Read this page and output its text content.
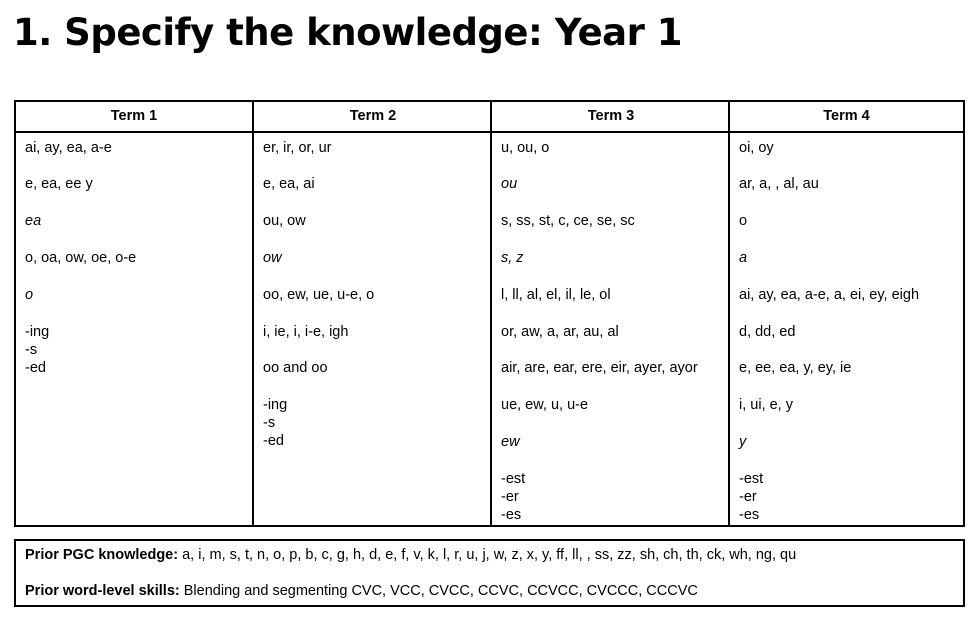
1. Specify the knowledge: Year 1
Term 1
ai, ay, ea, a-e
e, ea, ee y
ea
o, oa, ow, oe, o-e
o
-ing
-s
-ed
Term 2
er, ir, or, ur
e, ea, ai
ou, ow
ow
oo, ew, ue, u-e, o
i, ie, i, i-e, igh
oo and oo
-ing
-s
-ed
Term 3
u, ou, o
ou
s, ss, st, c, ce, se, sc
s, z
l, ll, al, el, il, le, ol
or, aw, a, ar, au, al
air, are, ear, ere, eir, ayer, ayor
ue, ew, u, u-e
ew
-est
-er
-es
Term 4
oi, oy
ar, a, , al, au
o
a
ai, ay, ea, a-e, a, ei, ey, eigh
d, dd, ed
e, ee, ea, y, ey, ie
i, ui, e, y
y
-est
-er
-es
Prior PGC knowledge: a, i, m, s, t, n, o, p, b, c, g, h, d, e, f, v, k, l, r, u, j, w, z, x, y, ff, ll, , ss, zz, sh, ch, th, ck, wh, ng, qu
Prior word-level skills: Blending and segmenting CVC, VCC, CVCC, CCVC, CCVCC, CVCCC, CCCVC
